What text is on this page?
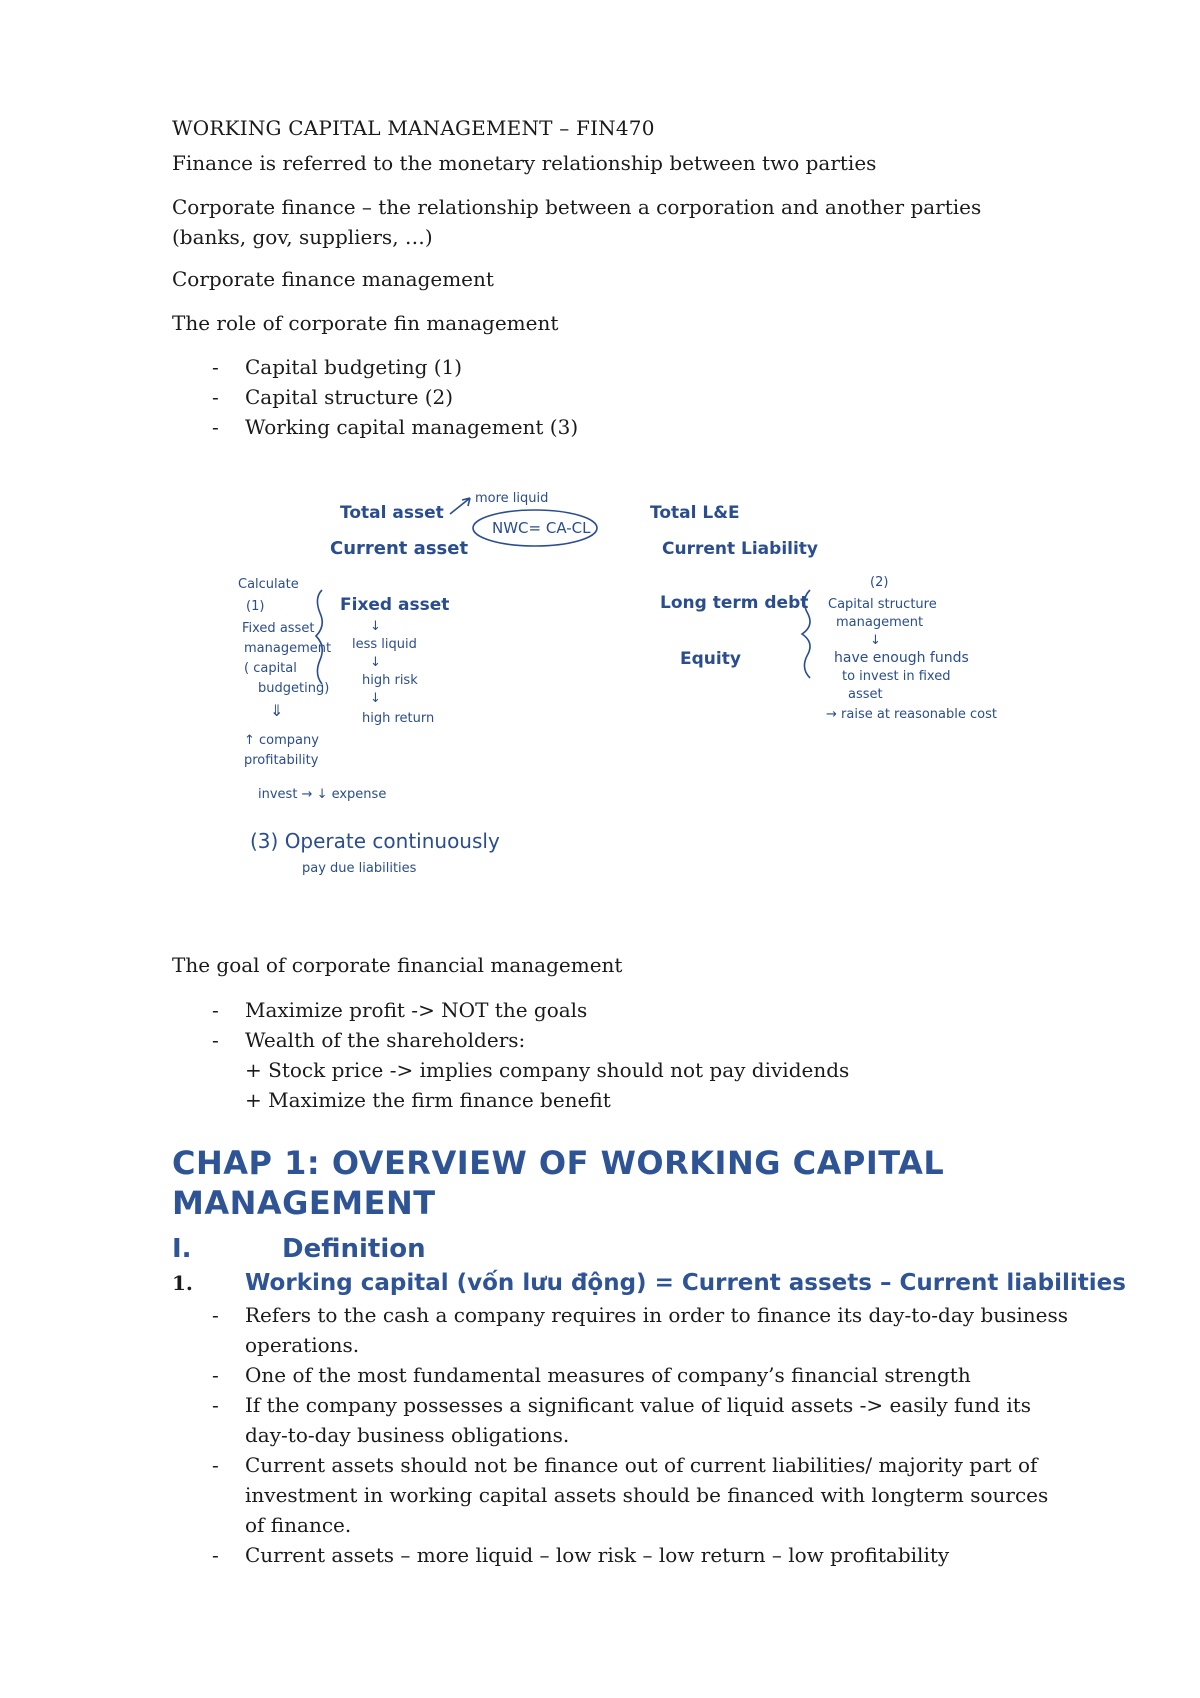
WORKING CAPITAL MANAGEMENT – FIN470

Finance is referred to the monetary relationship between two parties

Corporate finance – the relationship between a corporation and another parties (banks, gov, suppliers, …)

Corporate finance management

The role of corporate fin management

- Capital budgeting (1)
- Capital structure (2)
- Working capital management (3)
Total asset
more liquid
NWC= CA-CL
Total L&E
Current asset	Current Liability
Calculate
(1)
Fixed asset
management
( capital
budgeting)
⇓
↑ company
profitability
invest → ↓ expense
Fixed asset
↓
less liquid
↓
high risk
↓
high return
Long term debt
Equity
(2)
Capital structure
management
↓
have enough funds
to invest in fixed
asset
→ raise at reasonable cost
(3) Operate continuously
pay due liabilities

The goal of corporate financial management

- Maximize profit -> NOT the goals
- Wealth of the shareholders:
+ Stock price -> implies company should not pay dividends
+ Maximize the firm finance benefit
CHAP 1: OVERVIEW OF WORKING CAPITAL MANAGEMENT
I.	Definition
1. Working capital (vốn lưu động) = Current assets – Current liabilities
- Refers to the cash a company requires in order to finance its day-to-day business operations.
- One of the most fundamental measures of company’s financial strength
- If the company possesses a significant value of liquid assets -> easily fund its day-to-day business obligations.
- Current assets should not be finance out of current liabilities/ majority part of investment in working capital assets should be financed with longterm sources of finance.
- Current assets – more liquid – low risk – low return – low profitability
